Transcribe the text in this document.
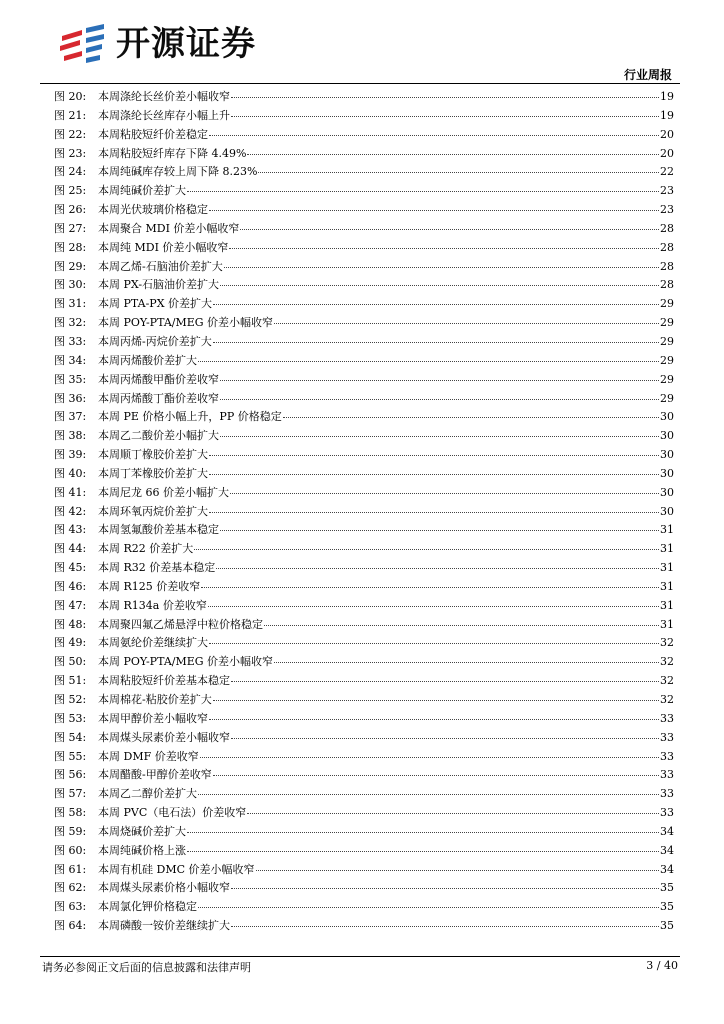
开源证券
行业周报
图 20:	本周涤纶长丝价差小幅收窄	19
图 21:	本周涤纶长丝库存小幅上升	19
图 22:	本周粘胶短纤价差稳定	20
图 23:	本周粘胶短纤库存下降 4.49%	20
图 24:	本周纯碱库存较上周下降 8.23%	22
图 25:	本周纯碱价差扩大	23
图 26:	本周光伏玻璃价格稳定	23
图 27:	本周聚合 MDI 价差小幅收窄	28
图 28:	本周纯 MDI 价差小幅收窄	28
图 29:	本周乙烯-石脑油价差扩大	28
图 30:	本周 PX-石脑油价差扩大	28
图 31:	本周 PTA-PX 价差扩大	29
图 32:	本周 POY-PTA/MEG 价差小幅收窄	29
图 33:	本周丙烯-丙烷价差扩大	29
图 34:	本周丙烯酸价差扩大	29
图 35:	本周丙烯酸甲酯价差收窄	29
图 36:	本周丙烯酸丁酯价差收窄	29
图 37:	本周 PE 价格小幅上升，PP 价格稳定	30
图 38:	本周乙二酸价差小幅扩大	30
图 39:	本周顺丁橡胶价差扩大	30
图 40:	本周丁苯橡胶价差扩大	30
图 41:	本周尼龙 66 价差小幅扩大	30
图 42:	本周环氧丙烷价差扩大	30
图 43:	本周氢氟酸价差基本稳定	31
图 44:	本周 R22 价差扩大	31
图 45:	本周 R32 价差基本稳定	31
图 46:	本周 R125 价差收窄	31
图 47:	本周 R134a 价差收窄	31
图 48:	本周聚四氟乙烯悬浮中粒价格稳定	31
图 49:	本周氨纶价差继续扩大	32
图 50:	本周 POY-PTA/MEG 价差小幅收窄	32
图 51:	本周粘胶短纤价差基本稳定	32
图 52:	本周棉花-粘胶价差扩大	32
图 53:	本周甲醇价差小幅收窄	33
图 54:	本周煤头尿素价差小幅收窄	33
图 55:	本周 DMF 价差收窄	33
图 56:	本周醋酸-甲醇价差收窄	33
图 57:	本周乙二醇价差扩大	33
图 58:	本周 PVC（电石法）价差收窄	33
图 59:	本周烧碱价差扩大	34
图 60:	本周纯碱价格上涨	34
图 61:	本周有机硅 DMC 价差小幅收窄	34
图 62:	本周煤头尿素价格小幅收窄	35
图 63:	本周氯化钾价格稳定	35
图 64:	本周磷酸一铵价差继续扩大	35
请务必参阅正文后面的信息披露和法律声明	3 / 40
